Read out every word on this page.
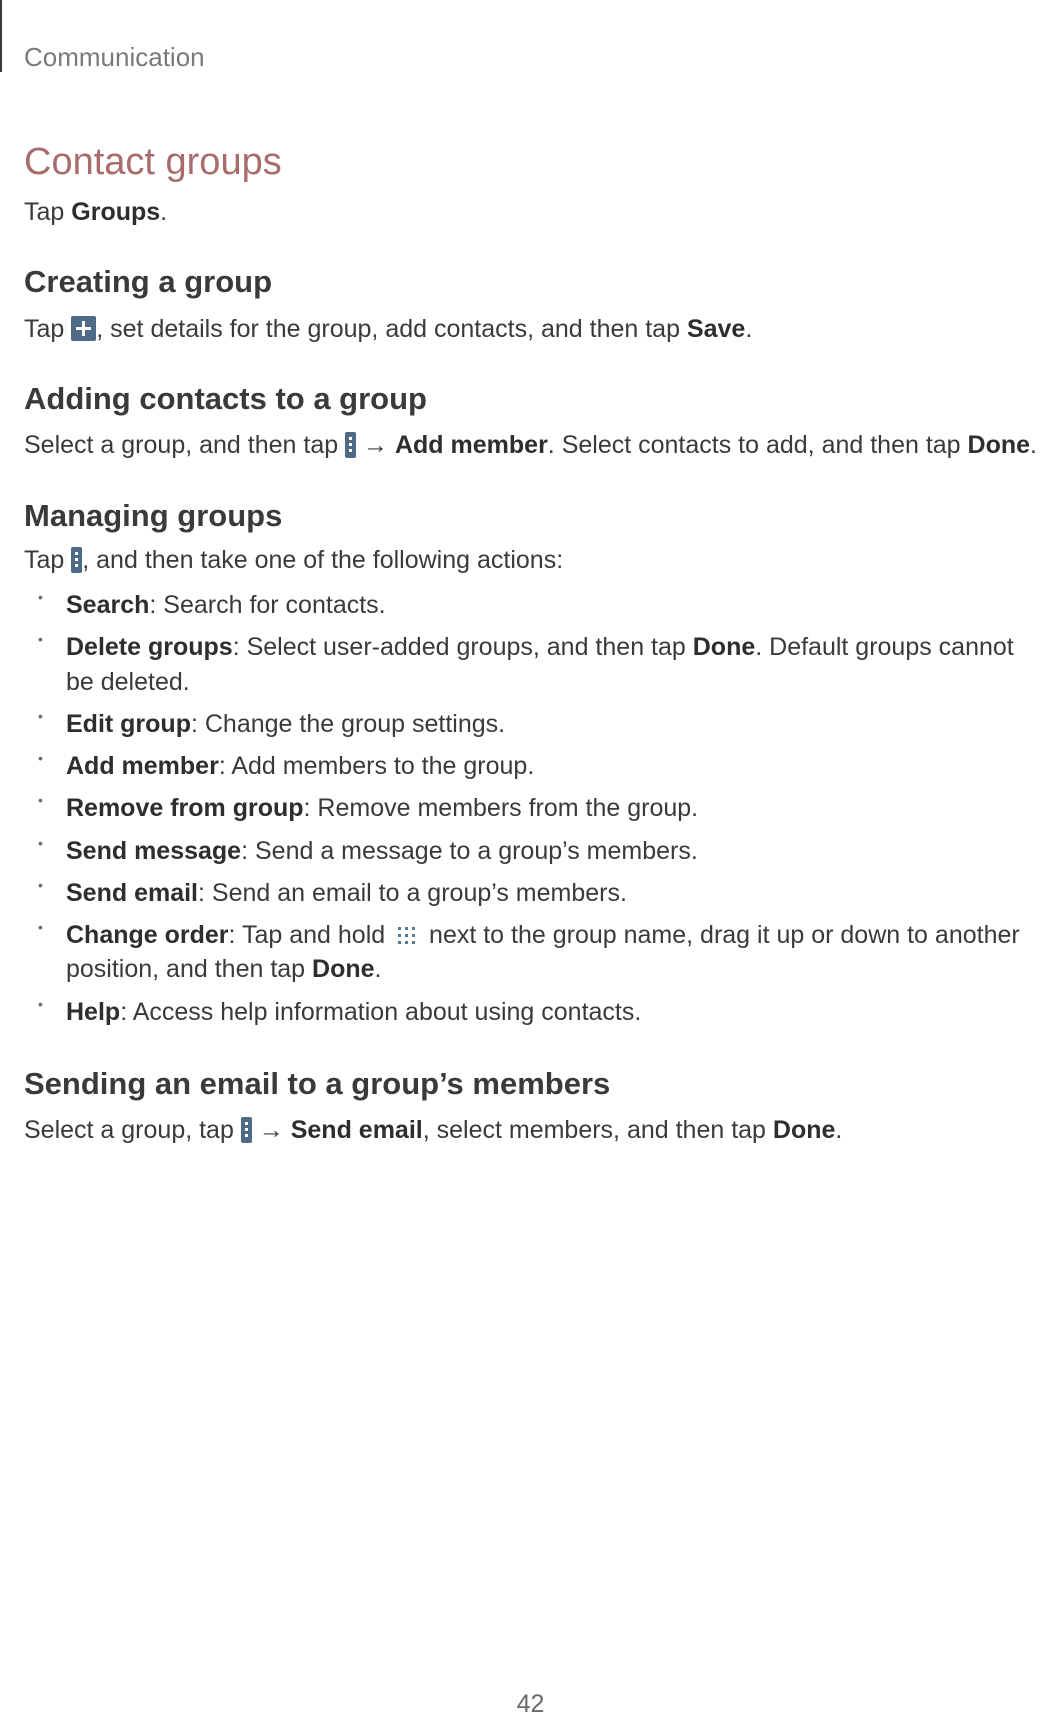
Communication
Contact groups

Tap Groups.

Creating a group

Tap , set details for the group, add contacts, and then tap Save.

Adding contacts to a group

Select a group, and then tap
→ Add member. Select contacts to add, and then tap Done.

Managing groups

Tap
, and then take one of the following actions:

• Search: Search for contacts.
• Delete groups: Select user-added groups, and then tap Done. Default groups cannot be deleted.
• Edit group: Change the group settings.
• Add member: Add members to the group.
• Remove from group: Remove members from the group.
• Send message: Send a message to a group’s members.
• Send email: Send an email to a group’s members.
• Change order: Tap and hold
next to the group name, drag it up or down to another position, and then tap Done.
• Help: Access help information about using contacts.
Sending an email to a group’s members

Select a group, tap
→ Send email, select members, and then tap Done.

42
